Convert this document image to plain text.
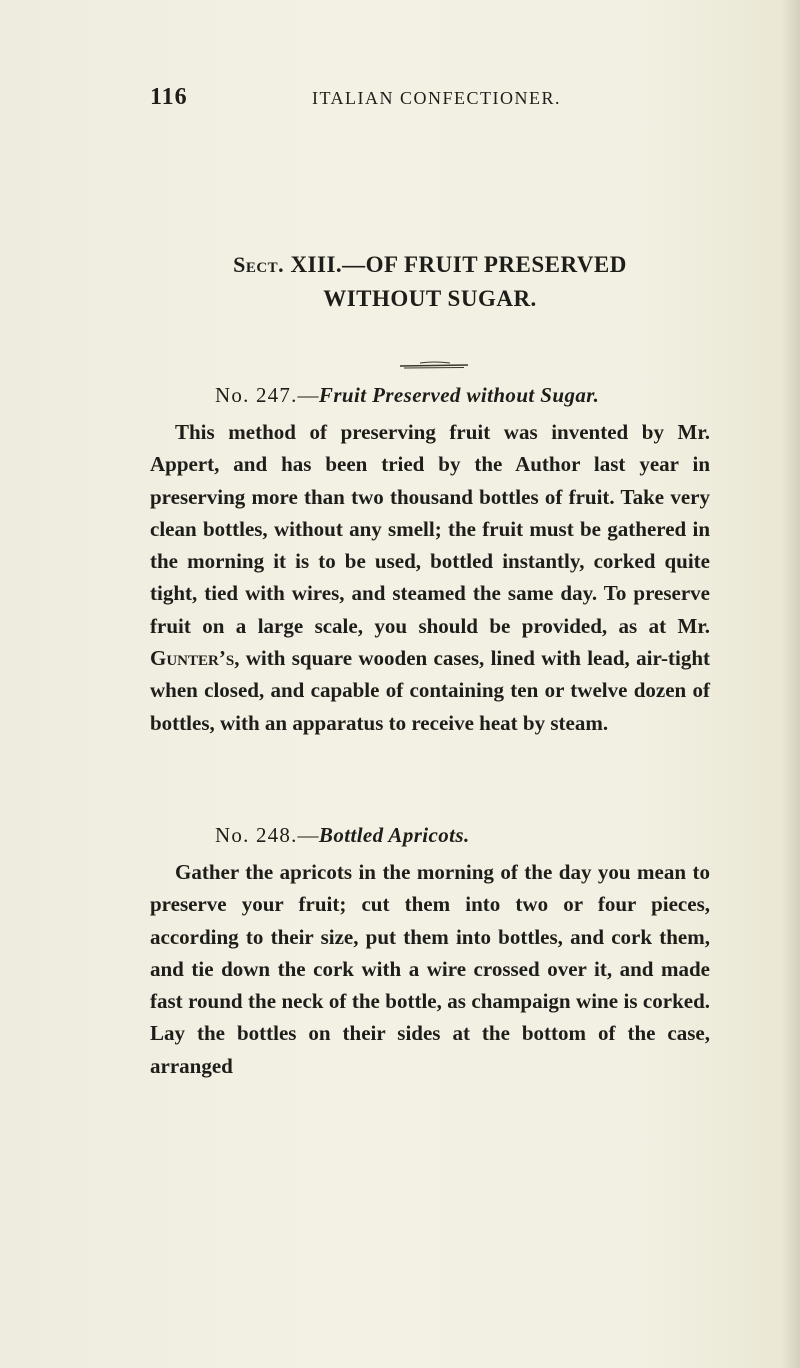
116	ITALIAN CONFECTIONER.
Sect. XIII.—OF FRUIT PRESERVED
WITHOUT SUGAR.
No. 247.—Fruit Preserved without Sugar.

This method of preserving fruit was invented by Mr. Appert, and has been tried by the Author last year in preserving more than two thousand bottles of fruit. Take very clean bottles, without any smell; the fruit must be gathered in the morning it is to be used, bottled instantly, corked quite tight, tied with wires, and steamed the same day. To preserve fruit on a large scale, you should be provided, as at Mr. Gunter’s, with square wooden cases, lined with lead, air-tight when closed, and capable of containing ten or twelve dozen of bottles, with an apparatus to receive heat by steam.

No. 248.—Bottled Apricots.

Gather the apricots in the morning of the day you mean to preserve your fruit; cut them into two or four pieces, according to their size, put them into bottles, and cork them, and tie down the cork with a wire crossed over it, and made fast round the neck of the bottle, as champaign wine is corked. Lay the bottles on their sides at the bottom of the case, arranged
